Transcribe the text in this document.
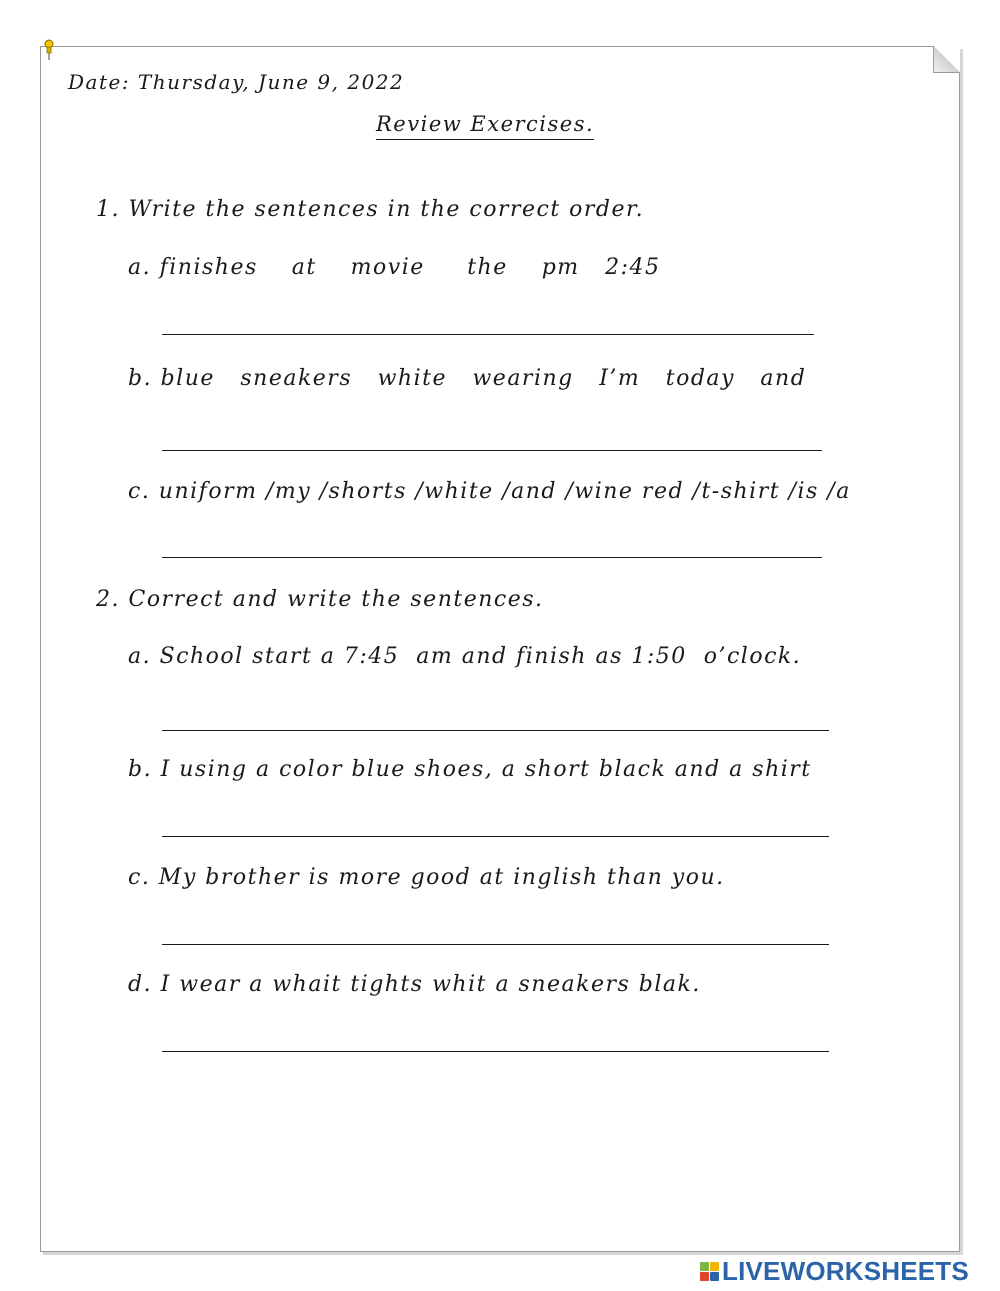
Date: Thursday, June 9, 2022
Review Exercises.
1. Write the sentences in the correct order.
a. finishes    at    movie     the    pm   2:45
b. blue   sneakers   white   wearing   I’m   today   and
c. uniform /my /shorts /white /and /wine red /t-shirt /is /a
2. Correct and write the sentences.
a. School start a 7:45  am and finish as 1:50  o’clock.
b. I using a color blue shoes, a short black and a shirt
c. My brother is more good at inglish than you.
d. I wear a whait tights whit a sneakers blak.
LIVEWORKSHEETS
